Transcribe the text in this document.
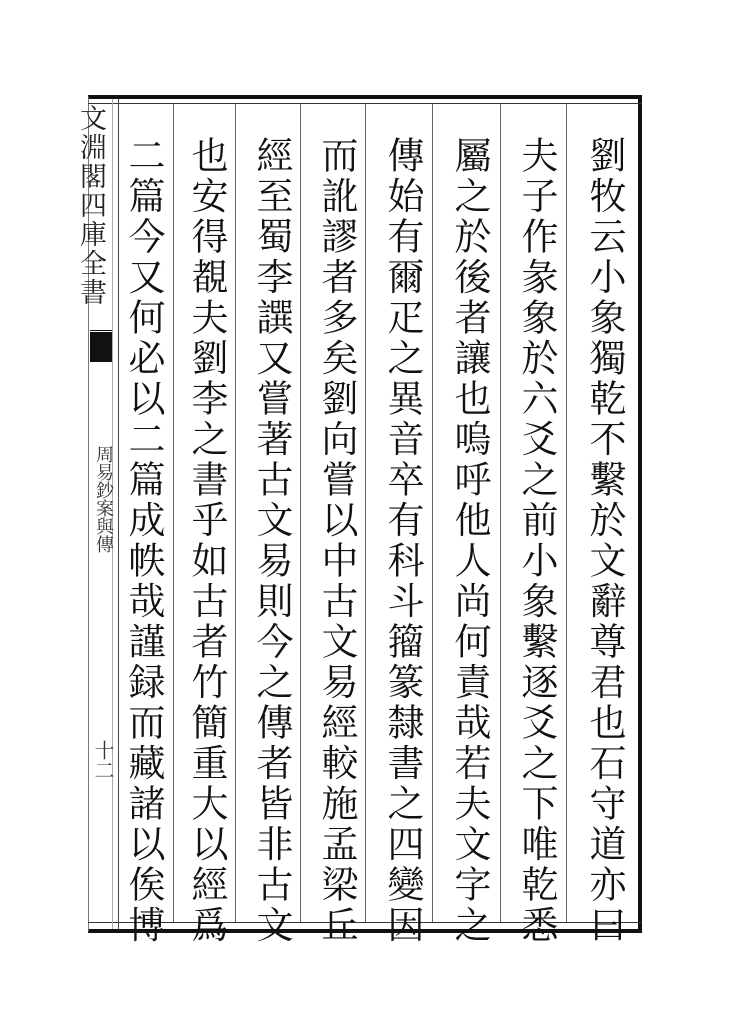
文淵閣四庫全書
周易鈔案與傳
十二	劉牧云小象獨乾不繫於文辭尊君也石守道亦曰
夫子作彖象於六爻之前小象繫逐爻之下唯乾悉
屬之於後者讓也嗚呼他人尚何責哉若夫文字之
傳始有爾疋之異音卒有科斗籀篆隸書之四變因
而訛謬者多矣劉向嘗以中古文易經較施孟梁丘
經至蜀李譔又嘗著古文易則今之傳者皆非古文
也安得覩夫劉李之書乎如古者竹簡重大以經爲
二篇今又何必以二篇成帙哉謹録而藏諸以俟博
